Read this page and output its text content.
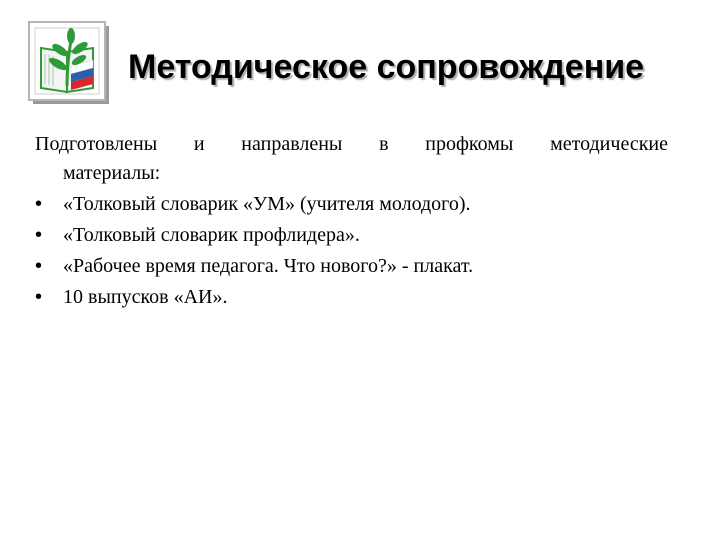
Методическое сопровождение

Подготовлены и направлены в профкомы методические
материалы:

• «Толковый словарик «УМ» (учителя молодого).
• «Толковый словарик профлидера».
• «Рабочее время педагога. Что нового?» - плакат.
• 10 выпусков «АИ».
